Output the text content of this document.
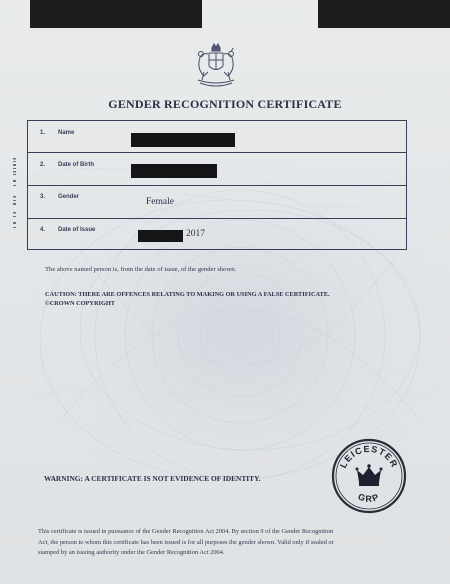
GENDER RECOGNITION CERTIFICATE
1. Name
2. Date of Birth
3. Gender	Female
4. Date of Issue	2017
The above named person is, from the date of issue, of the gender shown.
CAUTION: THERE ARE OFFENCES RELATING TO MAKING OR USING A FALSE CERTIFICATE.
©CROWN COPYRIGHT
WARNING: A CERTIFICATE IS NOT EVIDENCE OF IDENTITY.
LEICESTER
GRP
This certificate is issued in pursuance of the Gender Recognition Act 2004. By section 9 of the Gender Recognition
Act, the person to whom this certificate has been issued is for all purposes the gender shown. Valid only if sealed or
stamped by an issuing authority under the Gender Recognition Act 2004.
